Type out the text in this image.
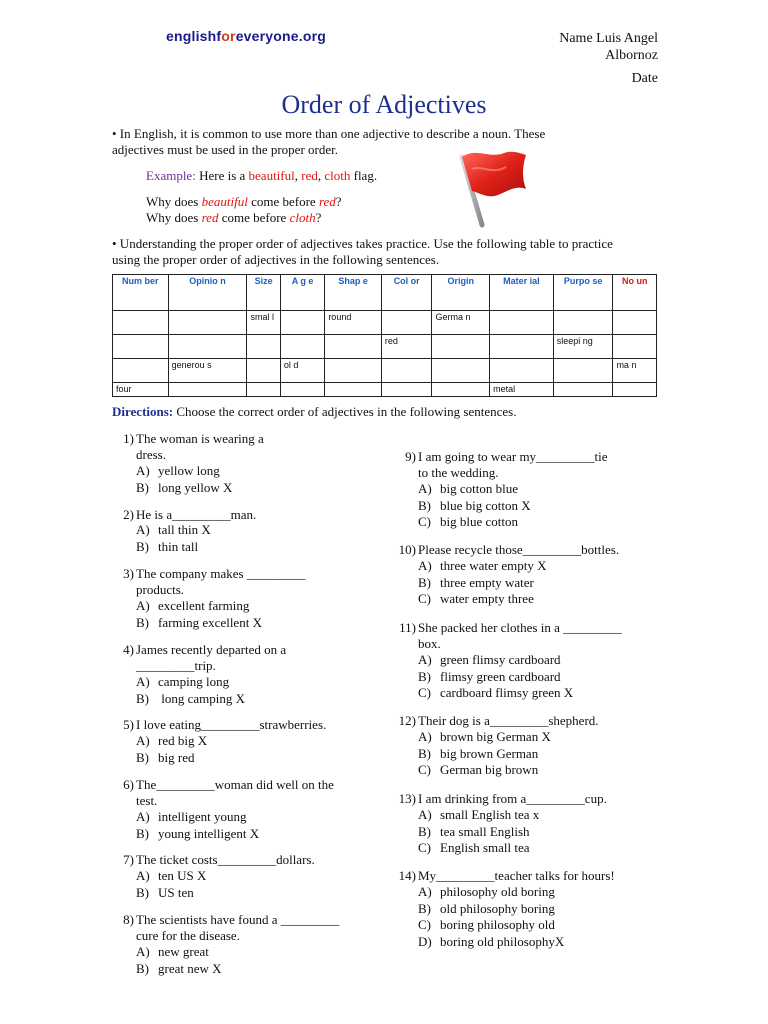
englishforeveryone.org	Name Luis Angel
Albornoz
Date
Order of Adjectives
• In English, it is common to use more than one adjective to describe a noun. These
adjectives must be used in the proper order.
Example: Here is a beautiful, red, cloth flag.
Why does beautiful come before red?
Why does red come before cloth?
• Understanding the proper order of adjectives takes practice. Use the following table to practice
using the proper order of adjectives in the following sentences.
Num ber	Opinio n	Size	A g e	Shap e	Col or	Origin	Mater ial	Purpo se	No un
		smal l		round		Germa n			
					red			sleepi ng	
	generou s		ol d						ma n
four							metal		
Directions: Choose the correct order of adjectives in the following sentences.
1) The woman is wearing a
dress.
A) yellow long
B) long yellow X
2) He is a_________man.
A) tall thin X
B) thin tall
3) The company makes _________
products.
A) excellent farming
B) farming excellent X
4) James recently departed on a
_________trip.
A) camping long
B) long camping X
5) I love eating_________strawberries.
A) red big X
B) big red
6) The_________woman did well on the
test.
A) intelligent young
B) young intelligent X
7) The ticket costs_________dollars.
A) ten US X
B) US ten
8) The scientists have found a _________
cure for the disease.
A) new great
B) great new X
9) I am going to wear my_________tie
to the wedding.
A) big cotton blue
B) blue big cotton X
C) big blue cotton
10) Please recycle those_________bottles.
A) three water empty X
B) three empty water
C) water empty three
11) She packed her clothes in a _________
box.
A) green flimsy cardboard
B) flimsy green cardboard
C) cardboard flimsy green X
12) Their dog is a_________shepherd.
A) brown big German X
B) big brown German
C) German big brown
13) I am drinking from a_________cup.
A) small English tea x
B) tea small English
C) English small tea
14) My_________teacher talks for hours!
A) philosophy old boring
B) old philosophy boring
C) boring philosophy old
D) boring old philosophyX
